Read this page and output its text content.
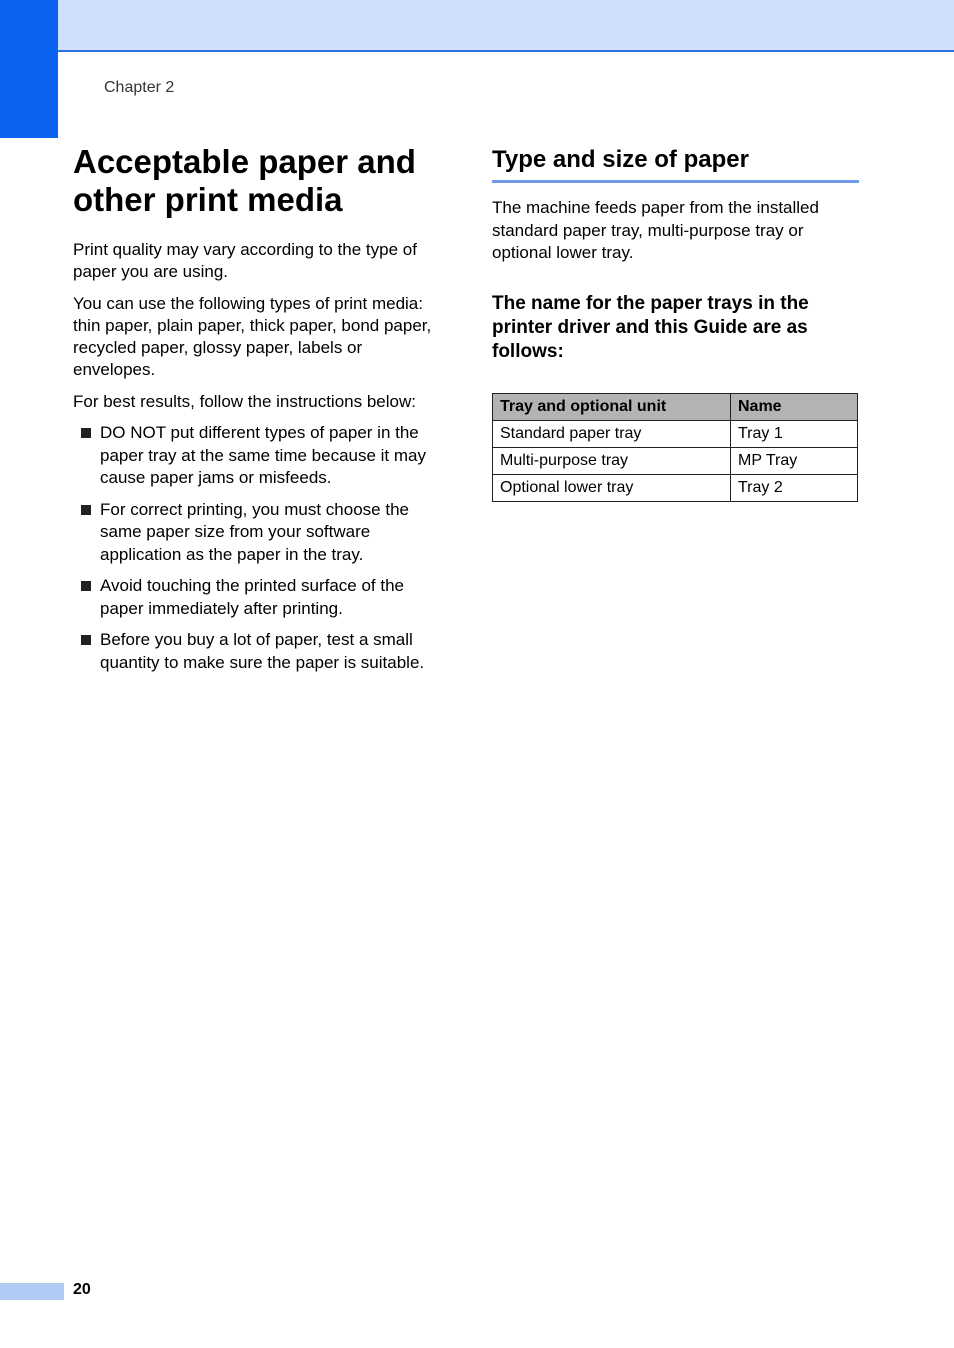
Chapter 2
Acceptable paper and other print media

Print quality may vary according to the type of paper you are using.

You can use the following types of print media: thin paper, plain paper, thick paper, bond paper, recycled paper, glossy paper, labels or envelopes.

For best results, follow the instructions below:

DO NOT put different types of paper in the paper tray at the same time because it may cause paper jams or misfeeds.
For correct printing, you must choose the same paper size from your software application as the paper in the tray.
Avoid touching the printed surface of the paper immediately after printing.
Before you buy a lot of paper, test a small quantity to make sure the paper is suitable.
Type and size of paper

The machine feeds paper from the installed standard paper tray, multi-purpose tray or optional lower tray.

The name for the paper trays in the printer driver and this Guide are as follows:
Tray and optional unit	Name
Standard paper tray	Tray 1
Multi-purpose tray	MP Tray
Optional lower tray	Tray 2
20
